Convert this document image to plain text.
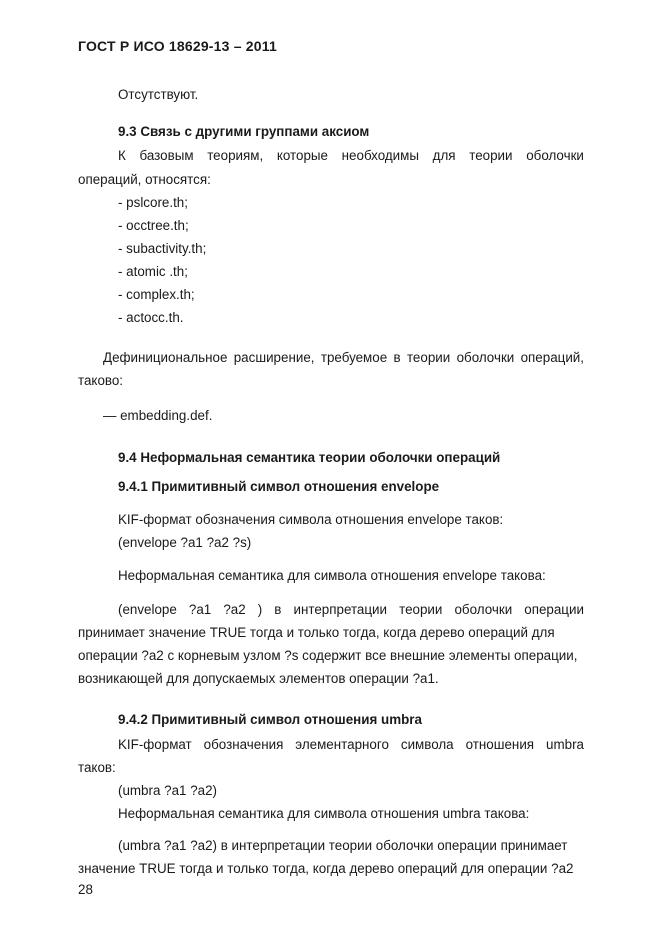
ГОСТ Р ИСО 18629-13 – 2011
Отсутствуют.
9.3 Связь с другими группами аксиом
К базовым теориям, которые необходимы для теории оболочки
операций, относятся:
- pslcore.th;
- occtree.th;
- subactivity.th;
- atomic .th;
- complex.th;
- actocc.th.
Дефинициональное расширение, требуемое в теории оболочки операций,
таково:
— embedding.def.
9.4 Неформальная семантика теории оболочки операций
9.4.1 Примитивный символ отношения envelope
KIF-формат обозначения символа отношения envelope таков:
(envelope ?a1 ?a2 ?s)
Неформальная семантика для символа отношения envelope такова:
(envelope ?a1 ?a2 ) в интерпретации теории оболочки операции
принимает значение TRUE тогда и только тогда, когда дерево операций для
операции ?a2 с корневым узлом ?s содержит все внешние элементы операции,
возникающей для допускаемых элементов операции ?a1.
9.4.2 Примитивный символ отношения umbra
KIF-формат обозначения элементарного символа отношения umbra
таков:
(umbra ?a1 ?a2)
Неформальная семантика для символа отношения umbra такова:
(umbra ?a1 ?a2) в интерпретации теории оболочки операции принимает
значение TRUE тогда и только тогда, когда дерево операций для операции ?a2
28
